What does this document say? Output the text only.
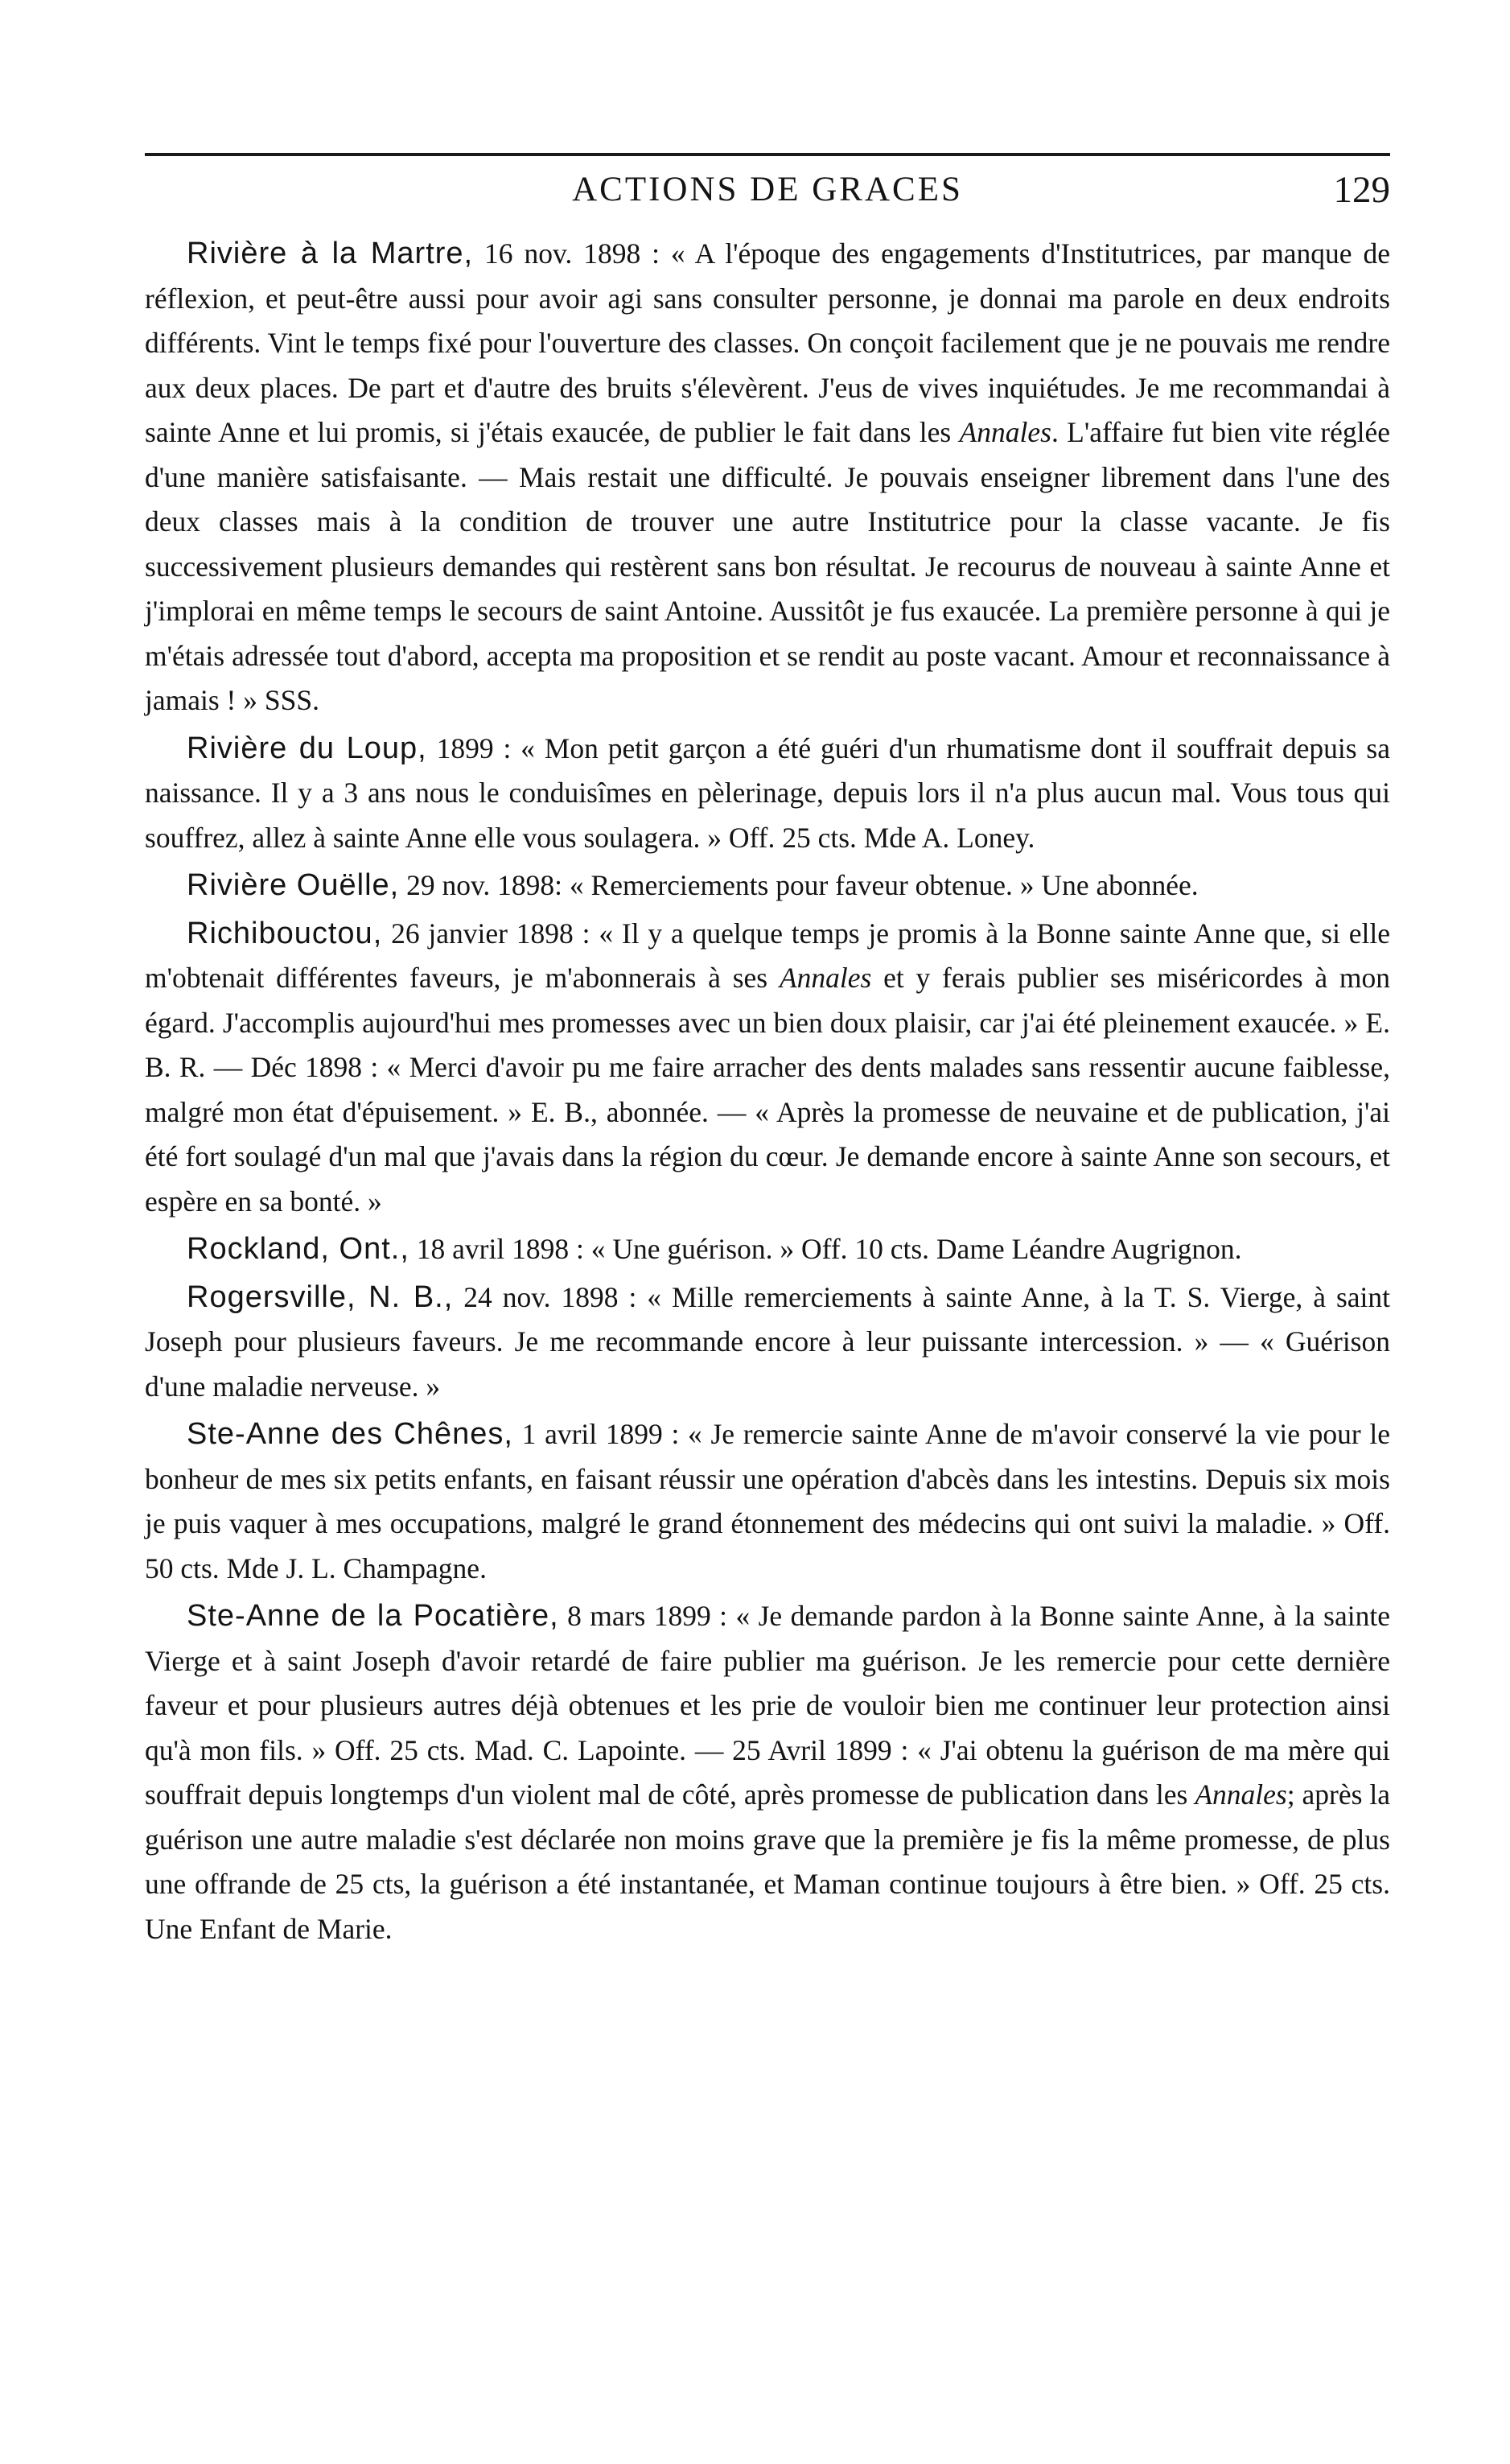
ACTIONS DE GRACES	129

Rivière à la Martre, 16 nov. 1898 : « A l'époque des engagements d'Institutrices, par manque de réflexion, et peut-être aussi pour avoir agi sans consulter personne, je donnai ma parole en deux endroits différents. Vint le temps fixé pour l'ouverture des classes. On conçoit facilement que je ne pouvais me rendre aux deux places. De part et d'autre des bruits s'élevèrent. J'eus de vives inquiétudes. Je me recommandai à sainte Anne et lui promis, si j'étais exaucée, de publier le fait dans les Annales. L'affaire fut bien vite réglée d'une manière satisfaisante. — Mais restait une difficulté. Je pouvais enseigner librement dans l'une des deux classes mais à la condition de trouver une autre Institutrice pour la classe vacante. Je fis successivement plusieurs demandes qui restèrent sans bon résultat. Je recourus de nouveau à sainte Anne et j'implorai en même temps le secours de saint Antoine. Aussitôt je fus exaucée. La première personne à qui je m'étais adressée tout d'abord, accepta ma proposition et se rendit au poste vacant. Amour et reconnaissance à jamais ! » SSS.

Rivière du Loup, 1899 : « Mon petit garçon a été guéri d'un rhumatisme dont il souffrait depuis sa naissance. Il y a 3 ans nous le conduisîmes en pèlerinage, depuis lors il n'a plus aucun mal. Vous tous qui souffrez, allez à sainte Anne elle vous soulagera. » Off. 25 cts. Mde A. Loney.

Rivière Ouëlle, 29 nov. 1898: « Remerciements pour faveur obtenue. » Une abonnée.

Richibouctou, 26 janvier 1898 : « Il y a quelque temps je promis à la Bonne sainte Anne que, si elle m'obtenait différentes faveurs, je m'abonnerais à ses Annales et y ferais publier ses miséricordes à mon égard. J'accomplis aujourd'hui mes promesses avec un bien doux plaisir, car j'ai été pleinement exaucée. » E. B. R. — Déc 1898 : « Merci d'avoir pu me faire arracher des dents malades sans ressentir aucune faiblesse, malgré mon état d'épuisement. » E. B., abonnée. — « Après la promesse de neuvaine et de publication, j'ai été fort soulagé d'un mal que j'avais dans la région du cœur. Je demande encore à sainte Anne son secours, et espère en sa bonté. »

Rockland, Ont., 18 avril 1898 : « Une guérison. » Off. 10 cts. Dame Léandre Augrignon.

Rogersville, N. B., 24 nov. 1898 : « Mille remerciements à sainte Anne, à la T. S. Vierge, à saint Joseph pour plusieurs faveurs. Je me recommande encore à leur puissante intercession. » — « Guérison d'une maladie nerveuse. »

Ste-Anne des Chênes, 1 avril 1899 : « Je remercie sainte Anne de m'avoir conservé la vie pour le bonheur de mes six petits enfants, en faisant réussir une opération d'abcès dans les intestins. Depuis six mois je puis vaquer à mes occupations, malgré le grand étonnement des médecins qui ont suivi la maladie. » Off. 50 cts. Mde J. L. Champagne.

Ste-Anne de la Pocatière, 8 mars 1899 : « Je demande pardon à la Bonne sainte Anne, à la sainte Vierge et à saint Joseph d'avoir retardé de faire publier ma guérison. Je les remercie pour cette dernière faveur et pour plusieurs autres déjà obtenues et les prie de vouloir bien me continuer leur protection ainsi qu'à mon fils. » Off. 25 cts. Mad. C. Lapointe. — 25 Avril 1899 : « J'ai obtenu la guérison de ma mère qui souffrait depuis longtemps d'un violent mal de côté, après promesse de publication dans les Annales; après la guérison une autre maladie s'est déclarée non moins grave que la première je fis la même promesse, de plus une offrande de 25 cts, la guérison a été instantanée, et Maman continue toujours à être bien. » Off. 25 cts. Une Enfant de Marie.
